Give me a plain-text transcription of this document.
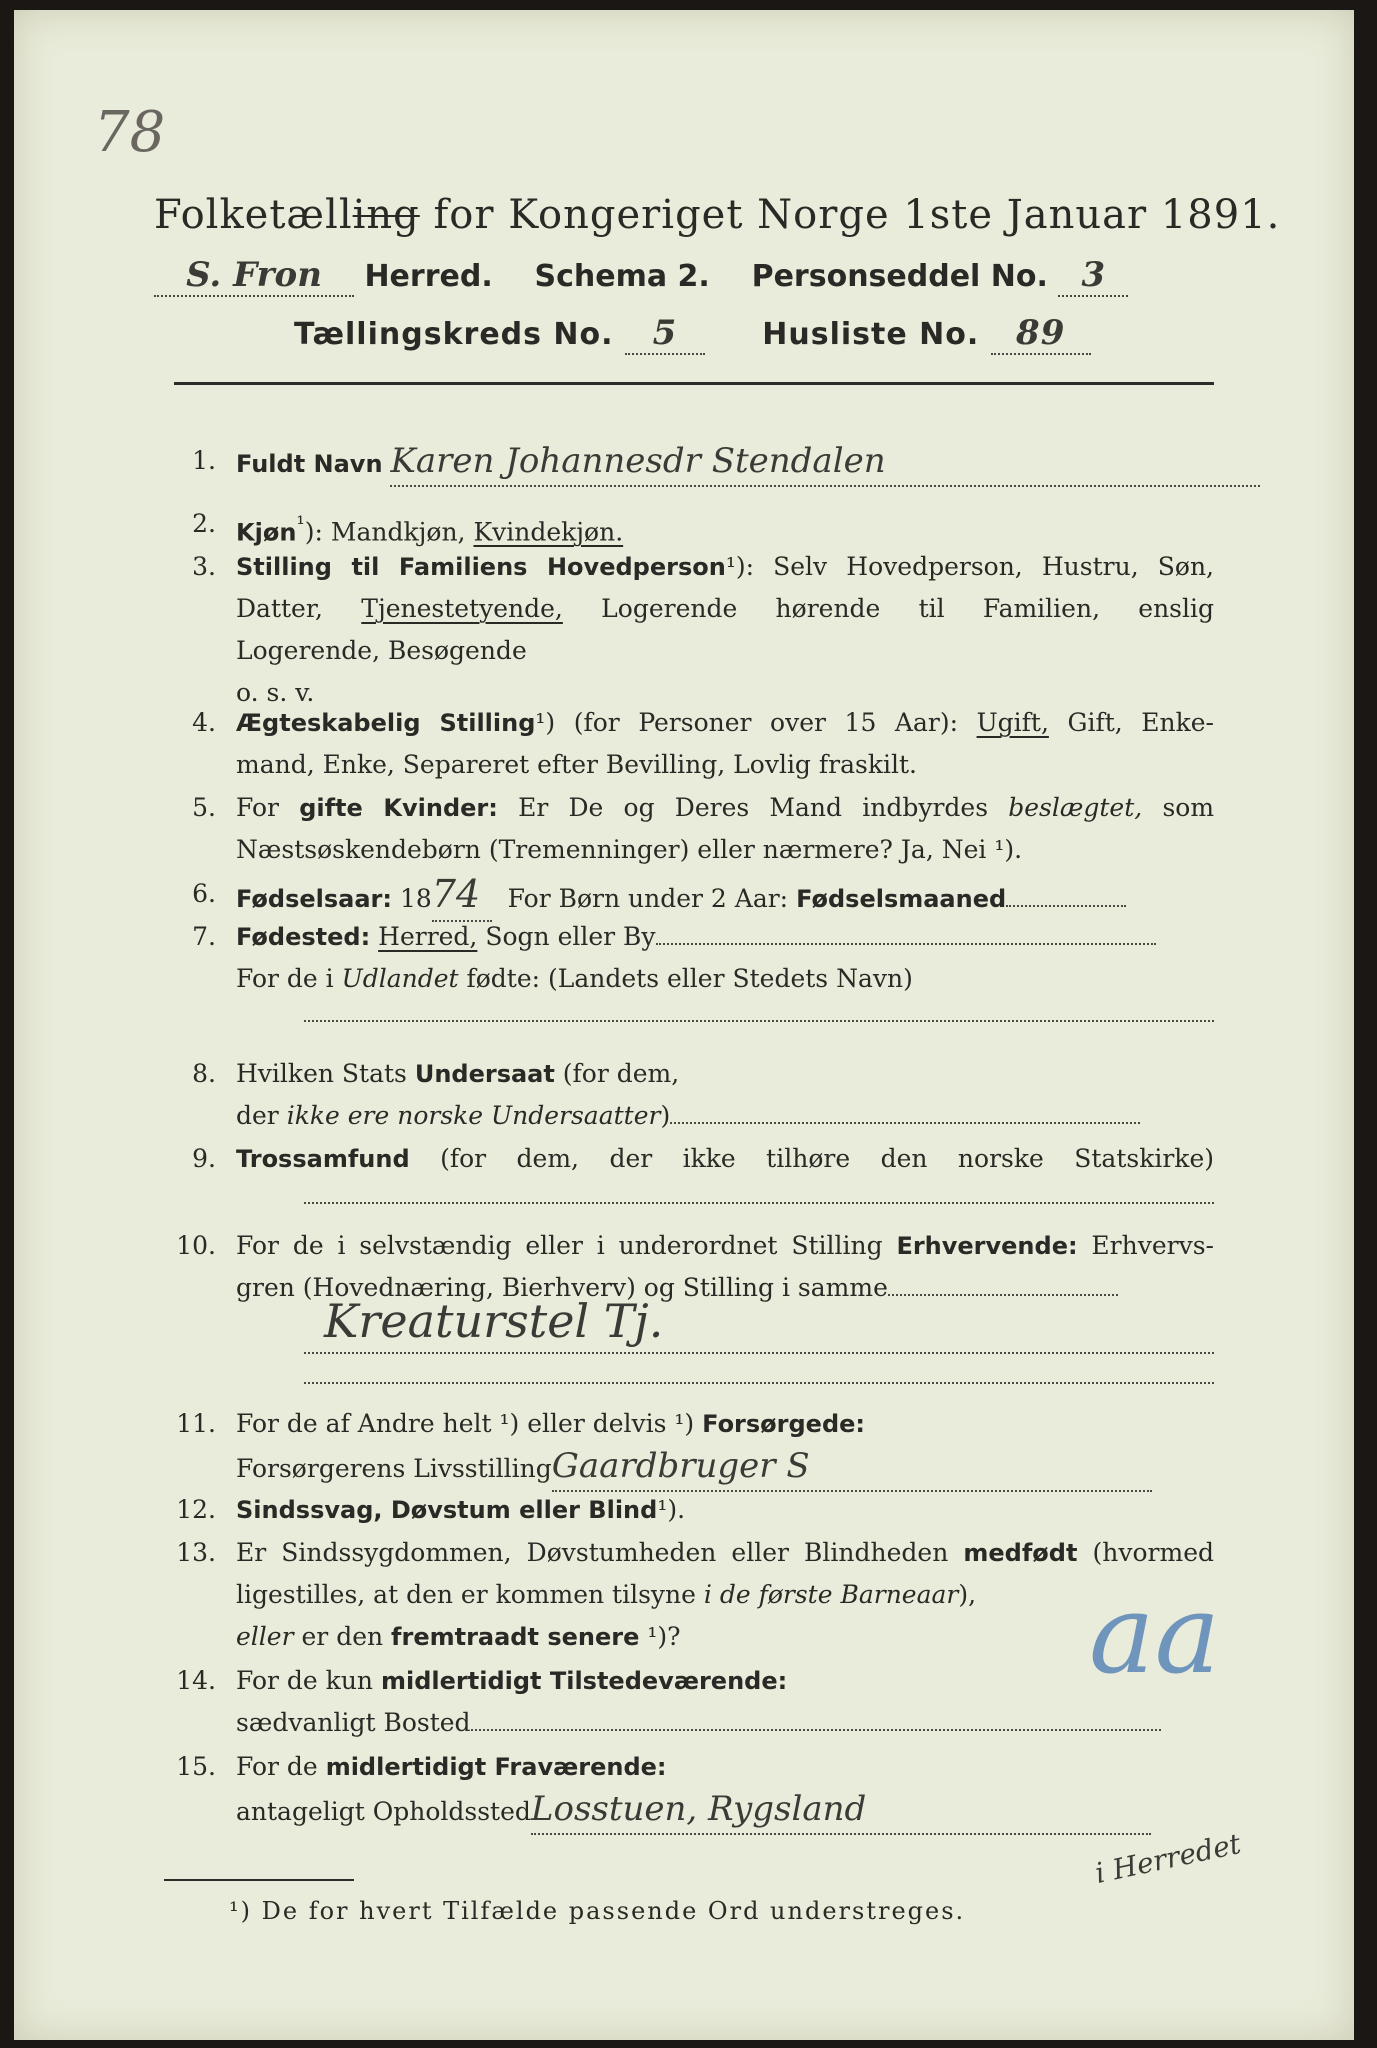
78
Folketælling for Kongeriget Norge 1ste Januar 1891.
S. Fron Herred. Schema 2. Personseddel No. 3
Tællingskreds No. 5	Husliste No. 89
1. Fuldt Navn Karen Johannesdr Stendalen
2. Kjøn$^{^1}$): Mandkjøn, Kvindekjøn.
3. Stilling til Familiens Hovedperson¹): Selv Hovedperson, Hustru, Søn,
Datter, Tjenestetyende, Logerende hørende til Familien, enslig
Logerende, Besøgende
o. s. v.
4. Ægteskabelig Stilling¹) (for Personer over 15 Aar): Ugift, Gift, Enke-
mand, Enke, Separeret efter Bevilling, Lovlig fraskilt.
5. For gifte Kvinder: Er De og Deres Mand indbyrdes beslægtet, som
Næstsøskendebørn (Tremenninger) eller nærmere? Ja, Nei ¹).
6. Fødselsaar: 1874 For Børn under 2 Aar: Fødselsmaaned
7. Fødested: Herred, Sogn eller By
For de i Udlandet fødte: (Landets eller Stedets Navn)
8. Hvilken Stats Undersaat (for dem,
der ikke ere norske Undersaatter)
9. Trossamfund (for dem, der ikke tilhøre den norske Statskirke)
10. For de i selvstændig eller i underordnet Stilling Erhvervende: Erhvervs-
gren (Hovednæring, Bierhverv) og Stilling i samme
Kreaturstel Tj.
11. For de af Andre helt ¹) eller delvis ¹) Forsørgede:
Forsørgerens LivsstillingGaardbruger S
12. Sindssvag, Døvstum eller Blind¹).
13. Er Sindssygdommen, Døvstumheden eller Blindheden medfødt (hvormed
ligestilles, at den er kommen tilsyne i de første Barneaar),
eller er den fremtraadt senere ¹)?	aa
14. For de kun midlertidigt Tilstedeværende:
sædvanligt Bosted
15. For de midlertidigt Fraværende:
antageligt OpholdsstedLosstuen, Rygsland
i Herredet
¹) De for hvert Tilfælde passende Ord understreges.
